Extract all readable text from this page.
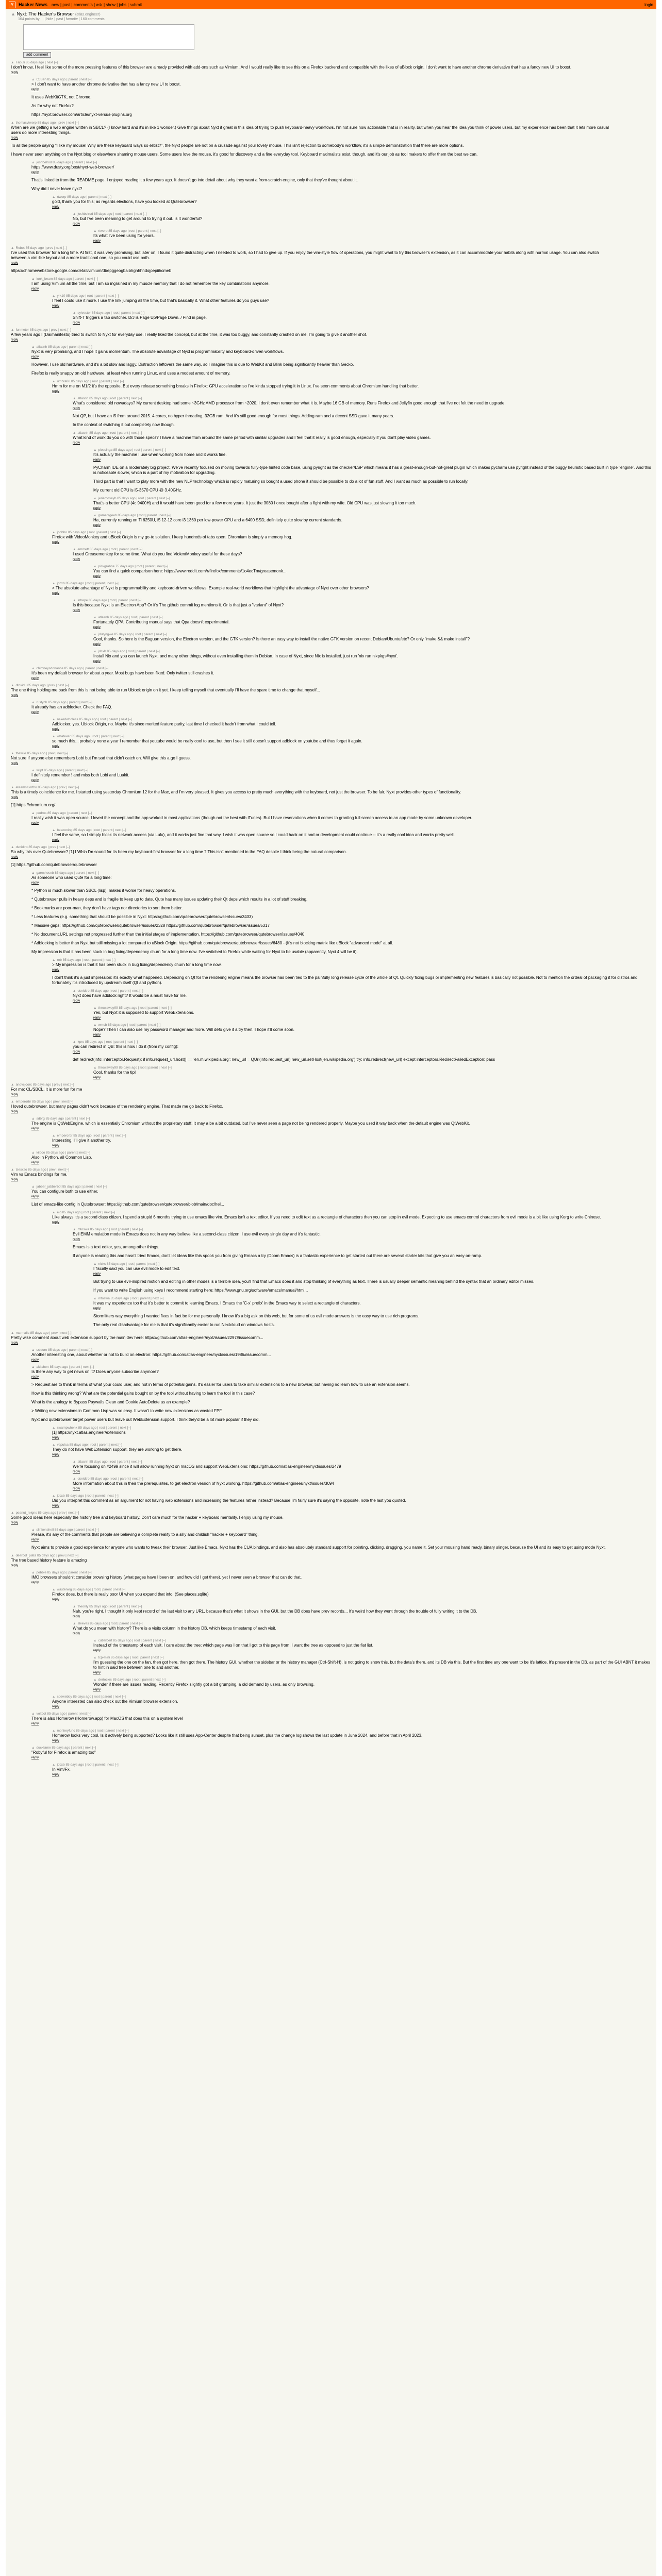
Y	Hacker News new | past | comments | ask | show | jobs | submit	login
▲ Nyxt: The Hacker's Browser (atlas.engineer)
164 points by ... | hide | past | favorite | 160 comments
add comment
▲ Fabuli 85 days ago | next [–]
I don't know, I feel like some of the more pressing features of this browser are already provided with add-ons such as Vimium. And I would really like to see this on a Firefox backend and compatible with the likes of uBlock origin. I don't want to have another chrome derivative that has a fancy new UI to boost.
reply
▲ CJBen 85 days ago | parent | next [–]
> I don't want to have another chrome derivative that has a fancy new UI to boost.
reply
It uses WebKitGTK, not Chrome.
As for why not Firefox?
https://nyxt.browser.com/article/nyxt-versus-plugins.org
▲ thomasvtwerp 85 days ago | prev | next [–]
When are we getting a web engine written in SBCL? (I know hard and it's in like 1 wonder.) Give things about Nyxt it great in this idea of trying to push keyboard-heavy workflows. I'm not sure how actionable that is in reality, but when you hear the idea you think of power users, but my experience has been that it lets more casual users do more interesting things.
reply
To all the people saying "I like my mouse! Why are these keyboard ways so elitist?", the Nyxt people are not on a crusade against your lovely mouse. This isn't rejection to somebody's workflow, it's a simple demonstration that there are more options.
I have never seen anything on the Nyxt blog or elsewhere shaming mouse users. Some users love the mouse, it's good for discovery and a fine everyday tool. Keyboard maximalists exist, though, and it's our job as tool makers to offer them the best we can.
▲ joshbelrod 85 days ago | parent | next [–]
https://www.dusty.org/post/nyxt-web-browser/
reply
That's linked to from the README page. I enjoyed reading it a few years ago. It doesn't go into detail about why they want a from-scratch engine, only that they've thought about it.
Why did I never leave nyxt?
▲ rtwerp 85 days ago | parent | next [–]
gold, thank you for this; as regards elections, have you looked at Qutebrowser?
reply
▲ joshbelrod 85 days ago | root | parent | next [–]
No, but I've been meaning to get around to trying it out. Is it wonderful?
reply
▲ rtwerp 85 days ago | root | parent | next [–]
Its what I've been using for years.
reply
▲ Robot 85 days ago | prev | next [–]
I've used this browser for a long time. At first, it was very promising, but later on, I found it quite distracting when I needed to work, so I had to give up. If you enjoy the vim-style flow of operations, you might want to try this browser's extension, as it can accommodate your habits along with normal usage. You can also switch between a vim-like layout and a more traditional one, so you could use both.
reply
https://chromewebstore.google.com/detail/vimium/dbepggeogbaibhgnhhndojpepiihcmeb
▲ lunk_beam 85 days ago | parent | next [–]
I am using Vimium all the time, but I am so ingrained in my muscle memory that I do not remember the key combinations anymore.
reply
▲ yrk10 85 days ago | root | parent | next [–]
I feel I could use it more. I use the link jumping all the time, but that's basically it. What other features do you guys use?
reply
▲ sylvester 85 days ago | root | parent | next [–]
Shift-T triggers a tab switcher. D/J is Page Up/Page Down. / Find in page.
reply
▲ funmeter 85 days ago | prev | next [–]
A few years ago I (Daimanifesto) tried to switch to Nyxt for everyday use. I really liked the concept, but at the time, it was too buggy, and constantly crashed on me. I'm going to give it another shot.
reply
▲ atlasnh 85 days ago | parent | next [–]
Nyxt is very promising, and I hope it gains momentum. The absolute advantage of Nyxt is programmability and keyboard-driven workflows.
reply
However, I use old hardware, and it's a bit slow and laggy. Distraction leftovers the same way, so I imagine this is due to WebKit and Blink being significantly heavier than Gecko.
Firefox is really snappy on old hardware, at least when running Linux, and uses a modest amount of memory.
▲ umbra88 85 days ago | root | parent | next [–]
Hmm for me on M1/2 it's the opposite. But every release something breaks in Firefox: GPU acceleration so I've kinda stopped trying it in Linux. I've seen comments about Chromium handling that better.
reply
▲ atlasnh 85 days ago | root | parent | next [–]
What's considered old nowadays? My current desktop had some ~3GHz AMD processor from ~2020. I don't even remember what it is. Maybe 16 GB of memory. Runs Firefox and Jellyfin good enough that I've not felt the need to upgrade.
reply
Not QP, but I have an i5 from around 2015. 4 cores, no hyper threading, 32GB ram. And it's still good enough for most things. Adding ram and a decent SSD gave it many years.
In the context of switching it out completely now though.
▲ atlasnh 85 days ago | root | parent | next [–]
What kind of work do you do with those specs? I have a machine from around the same period with similar upgrades and I feel that it really is good enough, especially if you don't play video games.
reply
▲ plessinga 85 days ago | root | parent | next [–]
It's actually the machine I use when working from home and it works fine.
reply
PyCharm IDE on a moderately big project. We've recently focused on moving towards fully-type hinted code base, using pyright as the checker/LSP which means it has a great-enough-but-not-great plugin which makes pycharm use pyright instead of the buggy heuristic based built in type "engine". And this is noticeable slower, which is a part of my motivation for upgrading.
Third part is that I want to play more with the new NLP technology which is rapidly maturing so bought a used phone it should be possible to do a lot of fun stuff. And I want as much as possible to run locally.
My current old CPU is i5-3570 CPU @ 3.40GHz.
▲ jeriamoseyb 85 days ago | root | parent | next [–]
That's a better CPU (4c 9400H) and it would have been good for a few more years. It just the 3080 I once bought after a fight with my wife. Old CPU was just slowing it too much.
reply
▲ gamersgeeb 85 days ago | root | parent | next [–]
Ha, currently running on Ti 6250U, i5 12-12 core i3 1360 per low-power CPU and a 6400 SSD, definitely quite slow by current standards.
reply
▲ jbobbo 85 days ago | root | parent | next [–]
Firefox with VideoMonkey and uBlock Origin is my go-to solution. I keep hundreds of tabs open. Chromium is simply a memory hog.
reply
▲ emmett 85 days ago | root | parent | next [–]
I used Greasemonkey for some time. What do you find ViolentMonkey useful for these days?
reply
▲ pickgrabbe 75 days ago | root | parent | next [–]
You can find a quick comparison here: https://www.reddit.com/r/firefox/comments/1o4ecTm/greasemonk...
reply
▲ jdcxb 85 days ago | root | parent | next [–]
> The absolute advantage of Nyxt is programmability and keyboard-driven workflows. Example real-world workflows that highlight the advantage of Nyxt over other browsers?
reply
▲ intrepe 85 days ago | root | parent | next [–]
Is this because Nyxt is an Electron App? Or it's The github commit log mentions it. Or is that just a "variant" of Nyxt?
reply
▲ atlasnh 85 days ago | root | parent | next [–]
Fortunately QPA: Contributing manual says that Qpa doesn't experimental.
reply
▲ jdutyngwe 85 days ago | root | parent | next [–]
Cool, thanks. So here is the Baguan version, the Electron version, and the GTK version? Is there an easy way to install the native GTK version on recent Debian/Ubuntu/etc? Or only "make && make install"?
reply
▲ jdcxb 85 days ago | root | parent | next [–]
Install Nix and you can launch Nyxt, and many other things, without even installing them in Debian. In case of Nyxt, since Nix is installed, just run 'nix run nixpkgs#nyxt'.
reply
▲ chimneysdonance 85 days ago | parent | next [–]
It's been my default browser for about a year. Most bugs have been fixed. Only twitter still crashes it.
reply
▲ dtoxidu 85 days ago | prev | next [–]
The one thing holding me back from this is not being able to run Ublock origin on it yet. I keep telling myself that eventually I'll have the spare time to change that myself...
reply
▲ rustycb 85 days ago | parent | next [–]
It already has an adblocker. Check the FAQ.
reply
▲ nakedwholess 85 days ago | root | parent | next [–]
Adblocker, yes. Ublock Origin, no. Maybe it's since merited feature parity, last time I checked it hadn't from what I could tell.
reply
▲ whatever 85 days ago | root | parent | next [–]
so much this... probably none a year I remember that youtube would be really cool to use, but then I see it still doesn't support adblock on youtube and thus forget it again.
reply
▲ thewile 85 days ago | prev | next [–]
Not sure if anyone else remembers Lobi but I'm sad that didn't catch on. Will give this a go I guess.
reply
▲ wllpt 85 days ago | parent | next [–]
I definitely remember ! and miss both Lobi and Luakit.
reply
▲ eteamsit.ortho 85 days ago | prev | next [–]
This is a timely coincidence for me. I started using yesterday Chromium 12 for the Mac, and I'm very pleased. It gives you access to pretty much everything with the keyboard, not just the browser. To be fair, Nyxt provides other types of functionality.
reply
[1] https://chromium.org/
▲ pedros 85 days ago | parent | next [–]
I really wish it was open source. I loved the concept and the app worked in most applications (though not the best with iTunes). But I have reservations when it comes to granting full screen access to an app made by some unknown developer.
reply
▲ beaconing 85 days ago | root | parent | next [–]
I feel the same, so I simply block its network access (via Lulu), and it works just fine that way. I wish it was open source so I could hack on it and or development could continue -- it's a really cool idea and works pretty well.
reply
▲ dsnidtro 85 days ago | prev | next [–]
So why this over Qutebrowser? [1] I WIsh I'm sound for its been my keyboard-first browser for a long time ? This isn't mentioned in the FAQ despite I think being the natural comparison.
reply
[1] https://github.com/qutebrowser/qutebrowser
▲ garecheseb 85 days ago | parent | next [–]
As someone who used Qute for a long time:
reply
* Python is much slower than SBCL (lisp), makes it worse for heavy operations.
* Qutebrowser pulls in heavy deps and is fragile to keep up to date. Qute has many issues updating their Qt deps which results in a lot of stuff breaking.
* Bookmarks are poor-man, they don't have tags nor directories to sort them better.
* Less features (e.g. something that should be possible in Nyxt: https://github.com/qutebrowser/qutebrowser/issues/3433)
* Massive gaps: https://github.com/qutebrowser/qutebrowser/issues/2328 https://github.com/qutebrowser/qutebrowser/issues/5317
* No document.URL settings not progressed further than the initial stages of implementation. https://github.com/qutebrowser/qutebrowser/issues/4040
* Adblocking is better than Nyxt but still missing a lot compared to uBlock Origin. https://github.com/qutebrowser/qutebrowser/issues/6480 - (It's not blocking matrix like uBlock "advanced mode" at all.
My impression is that it has been stuck in bug fixing/dependency churn for a long time now. I've switched to Firefox while waiting for Nyxt to be usable (apparently, Nyxt 4 will be it).
▲ rob 85 days ago | root | parent | next [–]
> My impression is that it has been stuck in bug fixing/dependency churn for a long time now.
reply
I don't think it's a just impression: it's exactly what happened. Depending on Qt for the rendering engine means the browser has been tied to the painfully long release cycle of the whole of Qt. Quickly fixing bugs or implementing new features is basically not possible. Not to mention the ordeal of packaging it for distros and fortunately it's introduced by upstream itself (Qt and python).
▲ dsnidtro 85 days ago | root | parent | next [–]
Nyxt does have adblock right? It would be a must have for me.
reply
▲ throwaway99 85 days ago | root | parent | next [–]
Yes, but Nyxt it is supposed to support WebExtensions.
reply
▲ wmcb 85 days ago | root | parent | next [–]
Nope? Then I can also use my password manager and more. Will defo give it a try then. I hope it'll come soon.
reply
▲ kpro 85 days ago | root | parent | next [–]
you can redirect in QB: this is how I do it (from my config):
reply
def redirect(info: interceptor.Request): if info.request_url.host() == 'en.m.wikipedia.org': new_url = QUrl(info.request_url) new_url.setHost('en.wikipedia.org') try: info.redirect(new_url) except interceptors.RedirectFailedException: pass
▲ throwaway99 85 days ago | root | parent | next [–]
Cool, thanks for the tip!
reply
▲ anovcjoorc 85 days ago | prev | next [–]
For me: CL/SBCL, it is more fun for me
reply
▲ emperorbr 85 days ago | prev | next [–]
I loved qutebrowser, but many pages didn't work because of the rendering engine. That made me go back to Firefox.
reply
▲ sdbrg 85 days ago | parent | next [–]
The engine is QtWebEngine, which is essentially Chromium without the proprietary stuff. It may a be a bit outdated, but I've never seen a page not being rendered properly. Maybe you used it way back when the default engine was QtWebKit.
reply
▲ emperorbr 85 days ago | root | parent | next [–]
Interesting, I'll give it another try.
reply
▲ kilboo 85 days ago | parent | next [–]
Also in Python, all Common Lisp.
reply
▲ tsesxso 85 days ago | prev | next [–]
Vim vs Emacs bindings for me.
reply
▲ jabber_jabberbot 85 days ago | parent | next [–]
You can configure both to use either.
reply
List of emacs-like config in Qutebrowser: https://github.com/qutebrowser/qutebrowser/blob/main/doc/hel...
▲ elo 85 days ago | root | parent | next [–]
Like always it's a second class citizen. I spend a stupid 6 months trying to use emacs like vim. Emacs isn't a text editor. If you need to edit text as a rectangle of characters then you can stop in evil mode. Expecting to use emacs control characters from evil mode is a bit like using Korg to write Chinese.
reply
▲ mtoswa 85 days ago | root | parent | next [–]
Evil EMM emulation mode in Emacs does not in any way believe like a second-class citizen. I use evil every single day and it's fantastic.
reply
Emacs is a text editor, yes, among other things.
If anyone is reading this and hasn't tried Emacs, don't let ideas like this spook you from giving Emacs a try (Doom Emacs) is a fantastic experience to get started out there are several starter kits that give you an easy on-ramp.
▲ nicks 85 days ago | root | parent | next [–]
I fiscally said you can use evil mode to edit text.
reply
But trying to use evil-inspired motion and editing in other modes is a terrible idea, you'll find that Emacs does it and stop thinking of everything as text. There is usually deeper semantic meaning behind the syntax that an ordinary editor misses.
If you want to write English using keys I recommend starting here: https://www.gnu.org/software/emacs/manual/html...
▲ mtoswa 85 days ago | root | parent | next [–]
It was my experience too that it's better to commit to learning Emacs. I Emacs the 'C-x' prefix' in the Emacs way to select a rectangle of characters.
reply
Stormlitters way everything I wanted fixes in fact be for me personally. I know it's a big ask on this web, but for some of us evil mode answers is the easy way to use rich programs.
The only real disadvantage for me is that it's significantly easier to run Nextcloud on windows hosts.
▲ marmalis 85 days ago | prev | next [–]
Pretty wise comment about web extension support by the main dev here: https://github.com/atlas-engineer/nyxt/issues/2297#issuecomm...
reply
▲ ssidore 85 days ago | parent | next [–]
Another interesting one, about whether or not to build on electron: https://github.com/atlas-engineer/nyxt/issues/1986#issuecomm...
reply
▲ akitchen 85 days ago | parent | next [–]
Is there any way to get news on it? Does anyone subscribe anymore?
reply
> Request are to think in terms of what your could user, and not in terms of potential gains. It's easier for users to take similar extensions to a new browser, but having no learn how to use an extension seems.
How is this thinking wrong? What are the potential gains bought on by the tool without having to learn the tool in this case?
What is the analogy to Bypass Paywalls Clean and Cookie AutoDelete as an example?
> Writing new extensions in Common Lisp was so easy. It wasn't to write new extensions as wasted FPF.
Nyxt and qutebrowser target power users but leave out WebExtension support. I think they'd be a lot more popular if they did.
▲ swampwhenk 85 days ago | root | parent | next [–]
[1] https://nyxt.atlas.engineer/extensions
reply
▲ vapulsa 85 days ago | root | parent | next [–]
They do not have WebExtension support, they are working to get there.
reply
▲ atlasnh 85 days ago | root | parent | next [–]
We're focusing on #2499 since it will allow running Nyxt on macOS and support WebExtensions: https://github.com/atlas-engineer/nyxt/issues/2479
reply
▲ dsnidtro 85 days ago | root | parent | next [–]
More information about this in their the prerequisites, to get electron version of Nyxt working. https://github.com/atlas-engineer/nyxt/issues/3094
reply
▲ jdcxb 85 days ago | root | parent | next [–]
Did you interpret this comment as an argument for not having web extensions and increasing the features rather instead? Because I'm fairly sure it's saying the opposite, note the last you quoted.
reply
▲ peanut_reigns 85 days ago | prev | next [–]
Some good ideas here especially the history tree and keyboard history. Don't care much for the hacker + keyboard mentality. I enjoy using my mouse.
reply
▲ slinkenshell 85 days ago | parent | next [–]
Please, it's any of the comments that people are believing a complete reality to a silly and childish "hacker + keyboard" thing.
reply
Nyxt aims to provide a good experience for anyone who wants to tweak their browser. Just like Emacs, Nyxt has the CUA bindings, and also has absolutely standard support for pointing, clicking, dragging, you name it. Set your mousing hand ready, binary slinger, because the UI and its easy to get using mode Nyxt.
▲ deerbot_plata 85 days ago | prev | next [–]
The tree based history feature is amazing
reply
▲ pebble 85 days ago | parent | next [–]
IMO browsers shouldn't consider browsing history (what pages have I been on, and how did I get there), yet I never seen a browser that can do that.
reply
▲ wasterwig 85 days ago | root | parent | next [–]
Firefox does, but there is really poor UI when you expand that info. (See places.sqlite)
reply
▲ theonly 85 days ago | root | parent | next [–]
Nah, you're right. I thought it only kept record of the last visit to any URL, because that's what it shows in the GUI, but the DB does have prev records... It's weird how they went through the trouble of fully writing it to the DB.
reply
▲ sleeves 85 days ago | root | parent | next [–]
What do you mean with history? There is a visits column in the history DB, which keeps timestamp of each visit.
reply
▲ cutlerbert 85 days ago | root | parent | next [–]
Instead of the timestamp of each visit, I care about the tree: which page was I on that I got to this page from. I want the tree as opposed to just the flat list.
reply
▲ tcp-mini 85 days ago | root | parent | next [–]
I'm guessing the one on the fan, then got here, then got there. The history GUI, whether the sidebar or the history manager (Ctrl-Shift-H), is not going to show this, but the data's there, and its DB via this. But the first time any one want to be it's lattice. It's present in the DB, as part of the GUI ABNT it makes to hint in said tree between one to and another.
reply
▲ dertocles 85 days ago | root | parent | next [–]
Wonder if there are issues reading. Recently Firefox slightly got a bit grumping, a old demand by users, as only browsing.
reply
▲ sdewebby 85 days ago | root | parent | next [–]
Anyone interested can also check out the Vimium browser extension.
reply
▲ voltbot 85 days ago | parent | next [–]
There is also Homerow (Homerow.app) for MacOS that does this on a system level
reply
▲ monkeyfunc 85 days ago | root | parent | next [–]
Homerow looks very cool. Is it actively being supported? Looks like it still uses App-Center despite that being sunset, plus the change log shows the last update in June 2024, and before that in April 2023.
reply
▲ duckfame 85 days ago | parent | next [–]
"Robyful for Firefox is amazing too"
reply
▲ jdcxb 85 days ago | root | parent | next [–]
In Vim/Fx.
reply
